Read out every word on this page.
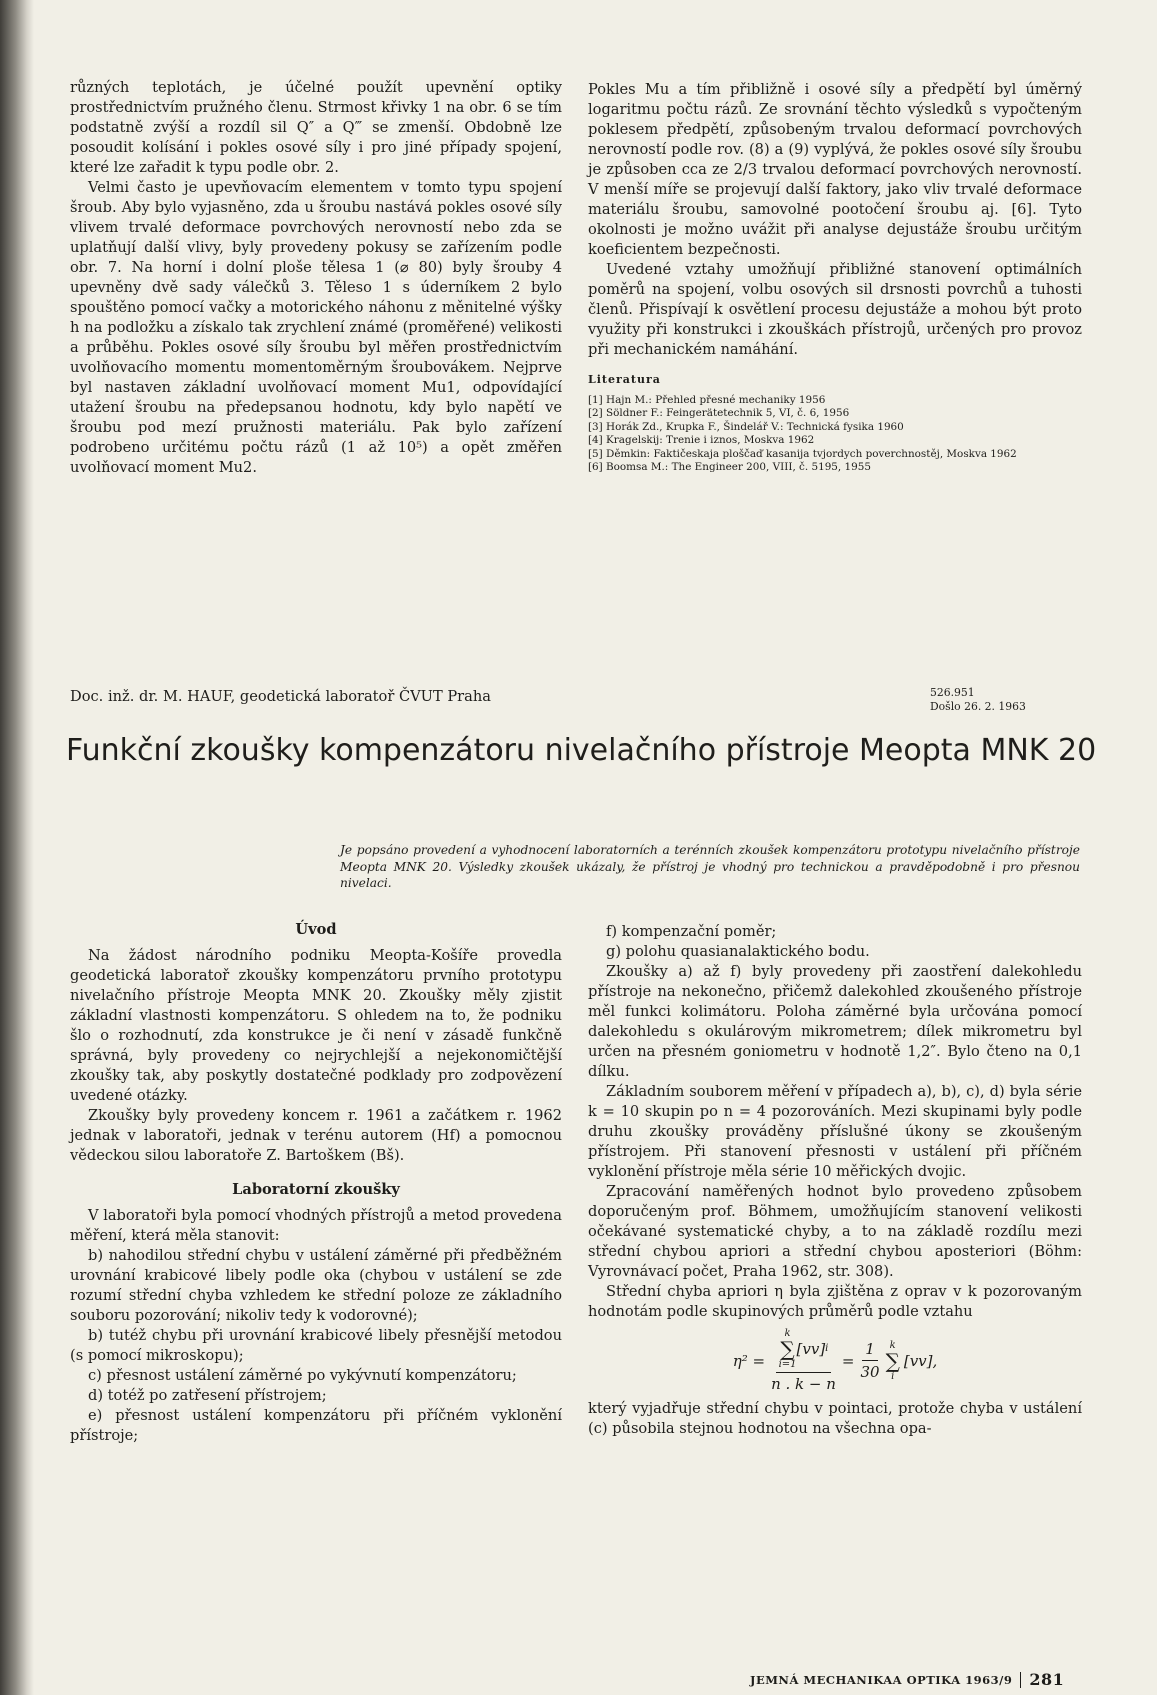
různých teplotách, je účelné použít upevnění optiky prostřednictvím pružného členu. Strmost křivky 1 na obr. 6 se tím podstatně zvýší a rozdíl sil Q″ a Q‴ se zmenší. Obdobně lze posoudit kolísání i pokles osové síly i pro jiné případy spojení, které lze zařadit k typu podle obr. 2.

Velmi často je upevňovacím elementem v tomto typu spojení šroub. Aby bylo vyjasněno, zda u šroubu nastává pokles osové síly vlivem trvalé deformace povrchových nerovností nebo zda se uplatňují další vlivy, byly provedeny pokusy se zařízením podle obr. 7. Na horní i dolní ploše tělesa 1 (⌀ 80) byly šrouby 4 upevněny dvě sady válečků 3. Těleso 1 s úderníkem 2 bylo spouštěno pomocí vačky a motorického náhonu z měnitelné výšky h na podložku a získalo tak zrychlení známé (proměřené) velikosti a průběhu. Pokles osové síly šroubu byl měřen prostřednictvím uvolňovacího momentu momentoměrným šroubovákem. Nejprve byl nastaven základní uvolňovací moment Mu1, odpovídající utažení šroubu na předepsanou hodnotu, kdy bylo napětí ve šroubu pod mezí pružnosti materiálu. Pak bylo zařízení podrobeno určitému počtu rázů (1 až 10⁵) a opět změřen uvolňovací moment Mu2.

Pokles Mu a tím přibližně i osové síly a předpětí byl úměrný logaritmu počtu rázů. Ze srovnání těchto výsledků s vypočteným poklesem předpětí, způsobeným trvalou deformací povrchových nerovností podle rov. (8) a (9) vyplývá, že pokles osové síly šroubu je způsoben cca ze 2/3 trvalou deformací povrchových nerovností. V menší míře se projevují další faktory, jako vliv trvalé deformace materiálu šroubu, samovolné pootočení šroubu aj. [6]. Tyto okolnosti je možno uvážit při analyse dejustáže šroubu určitým koeficientem bezpečnosti.

Uvedené vztahy umožňují přibližné stanovení optimálních poměrů na spojení, volbu osových sil drsnosti povrchů a tuhosti členů. Přispívají k osvětlení procesu dejustáže a mohou být proto využity při konstrukci i zkouškách přístrojů, určených pro provoz při mechanickém namáhání.

Literatura
[1] Hajn M.: Přehled přesné mechaniky 1956
[2] Söldner F.: Feingerätetechnik 5, VI, č. 6, 1956
[3] Horák Zd., Krupka F., Šindelář V.: Technická fysika 1960
[4] Kragelskij: Trenie i iznos, Moskva 1962
[5] Děmkin: Faktičeskaja ploščaď kasanija tvjordych poverchnostěj, Moskva 1962
[6] Boomsa M.: The Engineer 200, VIII, č. 5195, 1955
Doc. inž. dr. M. HAUF, geodetická laboratoř ČVUT Praha	526.951
Došlo 26. 2. 1963
Funkční zkoušky kompenzátoru nivelačního přístroje Meopta MNK 20
Je popsáno provedení a vyhodnocení laboratorních a terénních zkoušek kompenzátoru prototypu nivelačního přístroje Meopta MNK 20. Výsledky zkoušek ukázaly, že přístroj je vhodný pro technickou a pravděpodobně i pro přesnou nivelaci.
Úvod

Na žádost národního podniku Meopta-Košíře provedla geodetická laboratoř zkoušky kompenzátoru prvního prototypu nivelačního přístroje Meopta MNK 20. Zkoušky měly zjistit základní vlastnosti kompenzátoru. S ohledem na to, že podniku šlo o rozhodnutí, zda konstrukce je či není v zásadě funkčně správná, byly provedeny co nejrychlejší a nejekonomičtější zkoušky tak, aby poskytly dostatečné podklady pro zodpovězení uvedené otázky.

Zkoušky byly provedeny koncem r. 1961 a začátkem r. 1962 jednak v laboratoři, jednak v terénu autorem (Hf) a pomocnou vědeckou silou laboratoře Z. Bartoškem (Bš).

Laboratorní zkoušky

V laboratoři byla pomocí vhodných přístrojů a metod provedena měření, která měla stanovit:

b) nahodilou střední chybu v ustálení záměrné při předběžném urovnání krabicové libely podle oka (chybou v ustálení se zde rozumí střední chyba vzhledem ke střední poloze ze základního souboru pozorování; nikoliv tedy k vodorovné);

b) tutéž chybu při urovnání krabicové libely přesnější metodou (s pomocí mikroskopu);

c) přesnost ustálení záměrné po vykývnutí kompenzátoru;

d) totéž po zatřesení přístrojem;

e) přesnost ustálení kompenzátoru při příčném vyklonění přístroje;

f) kompenzační poměr;

g) polohu quasianalaktického bodu.

Zkoušky a) až f) byly provedeny při zaostření dalekohledu přístroje na nekonečno, přičemž dalekohled zkoušeného přístroje měl funkci kolimátoru. Poloha záměrné byla určována pomocí dalekohledu s okulárovým mikrometrem; dílek mikrometru byl určen na přesném goniometru v hodnotě 1,2″. Bylo čteno na 0,1 dílku.

Základním souborem měření v případech a), b), c), d) byla série k = 10 skupin po n = 4 pozorováních. Mezi skupinami byly podle druhu zkoušky prováděny příslušné úkony se zkoušeným přístrojem. Při stanovení přesnosti v ustálení při příčném vyklonění přístroje měla série 10 měřických dvojic.

Zpracování naměřených hodnot bylo provedeno způsobem doporučeným prof. Böhmem, umožňujícím stanovení velikosti očekávané systematické chyby, a to na základě rozdílu mezi střední chybou apriori a střední chybou aposteriori (Böhm: Vyrovnávací počet, Praha 1962, str. 308).

Střední chyba apriori η byla zjištěna z oprav v k pozorovaným hodnotám podle skupinových průměrů podle vztahu

η² = k
∑
i=1
[vv] i
n . $k - n = \frac{1}{30}$ k
∑
i
[vv],

který vyjadřuje střední chybu v pointaci, protože chyba v ustálení (c) působila stejnou hodnotou na všechna opa-

JEMNÁ MECHANIKAA OPTIKA 1963/9 281
